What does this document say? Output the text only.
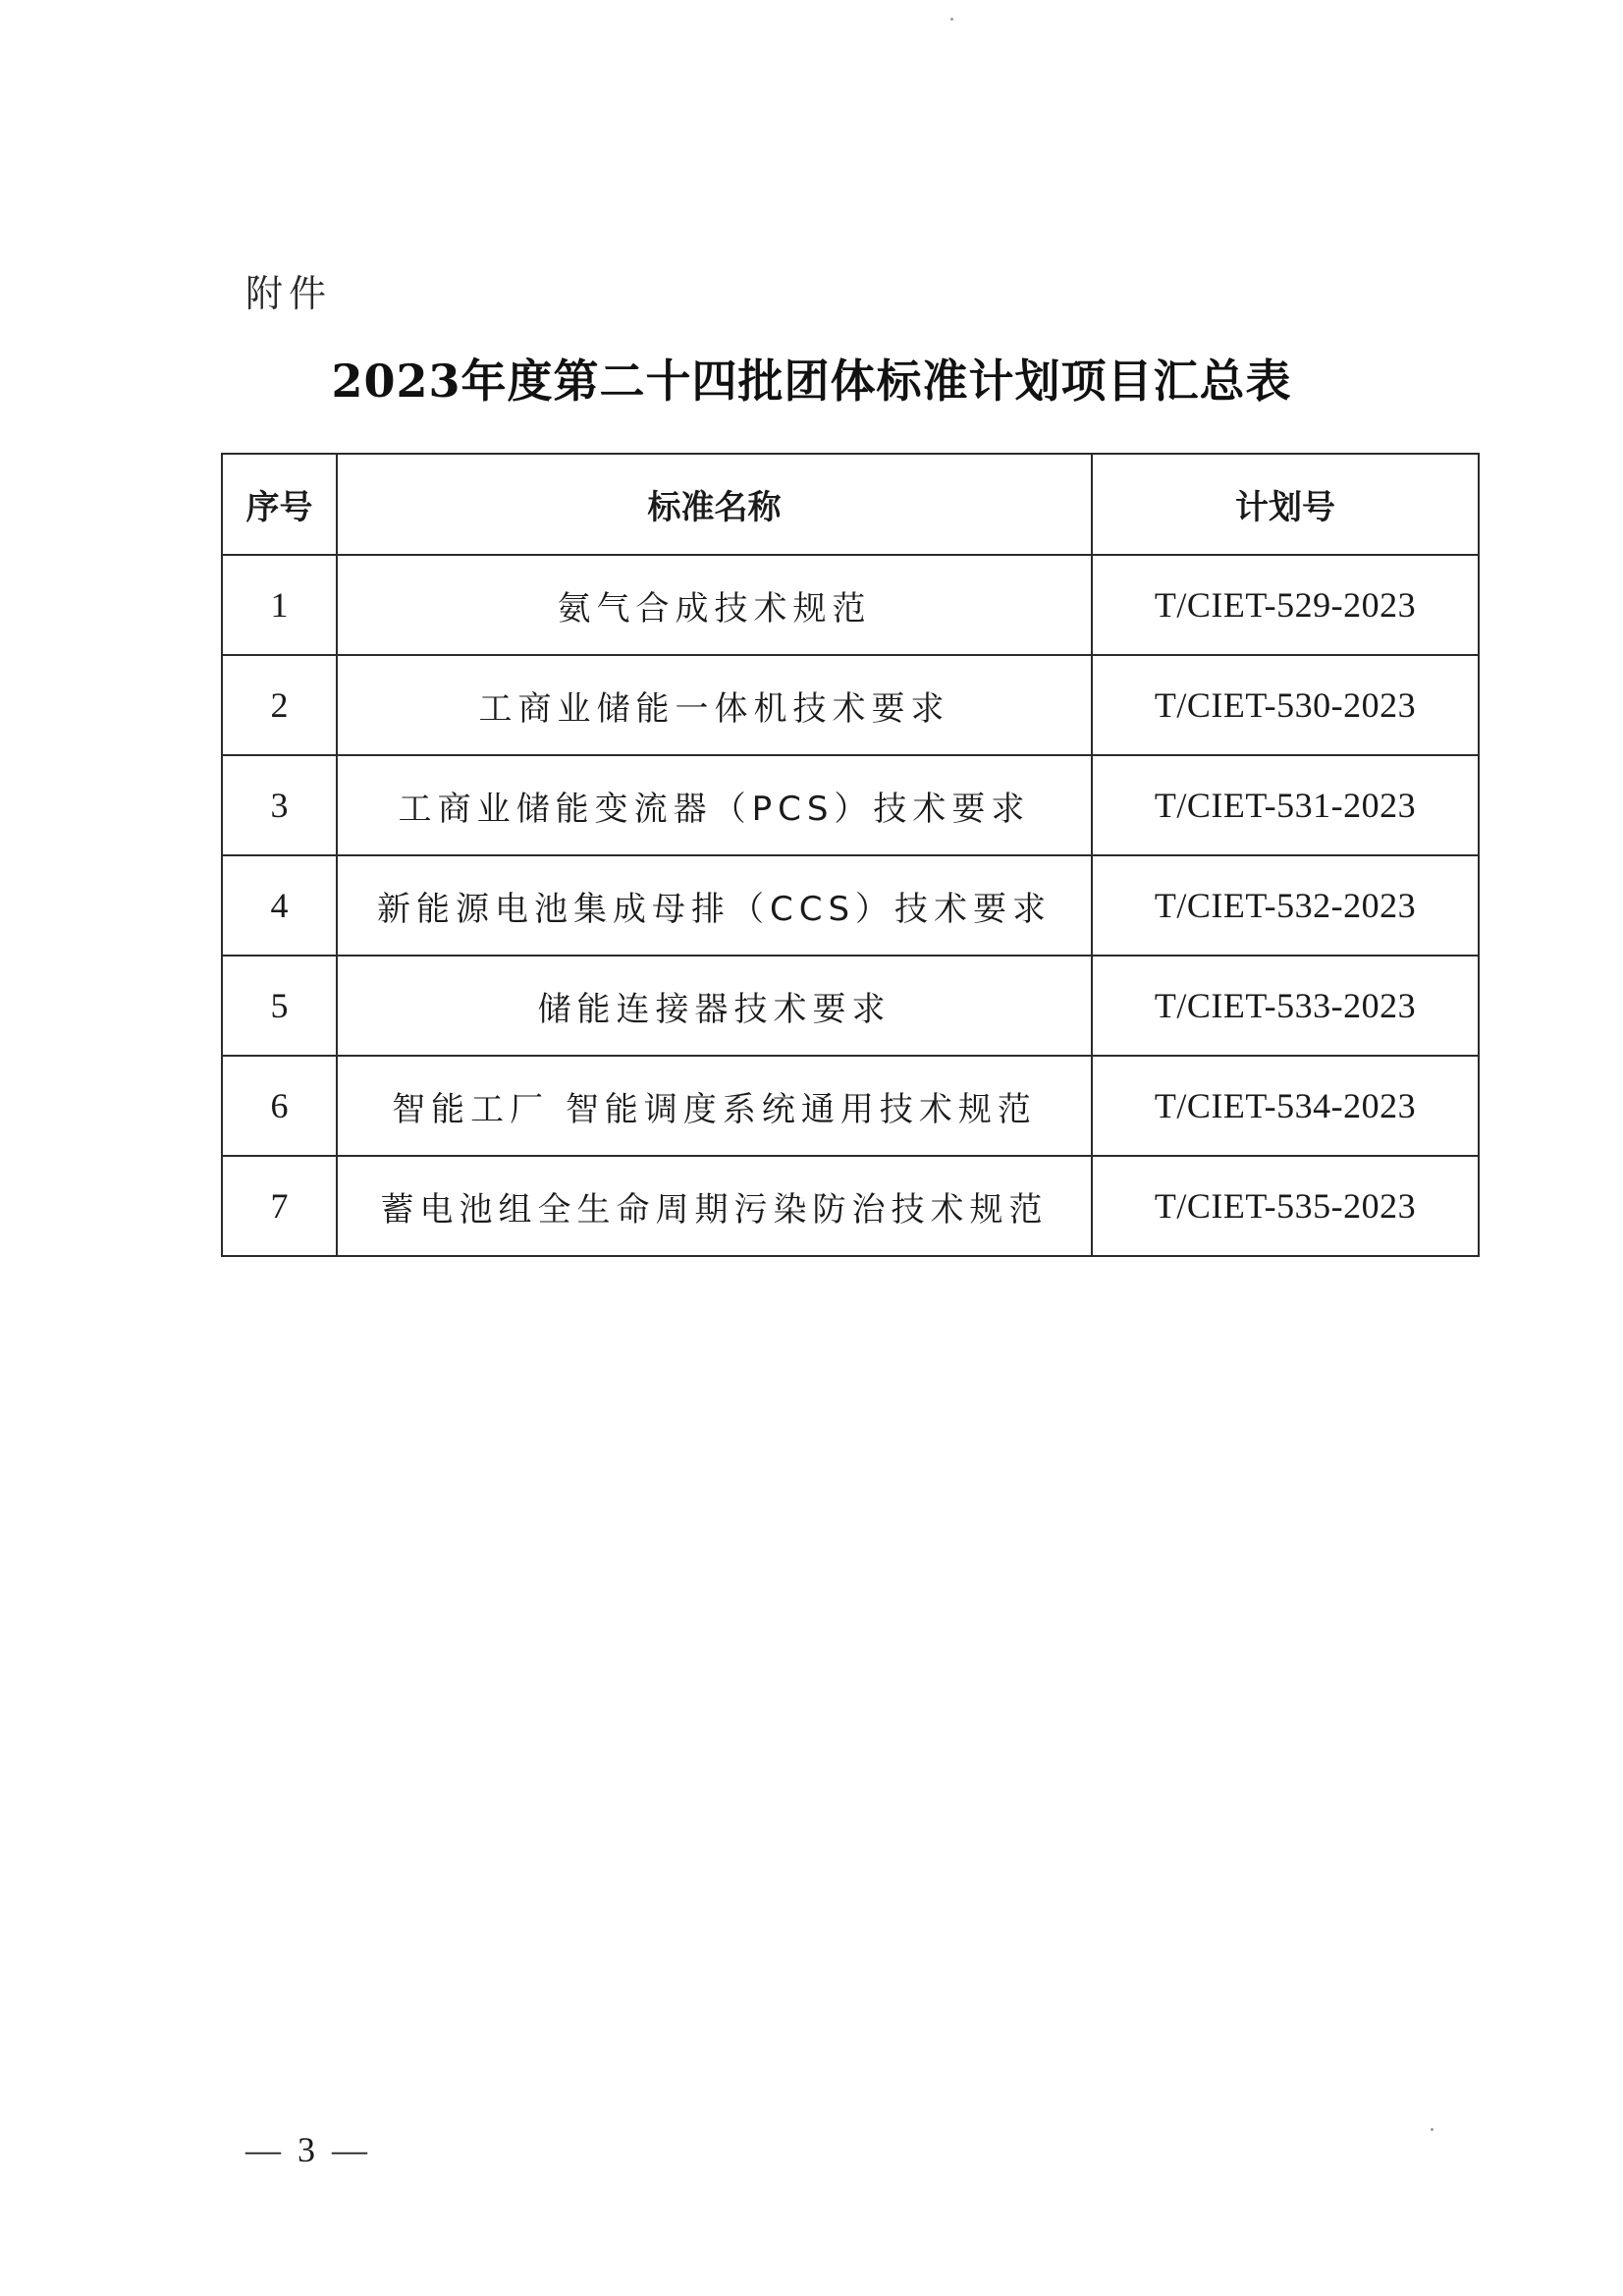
附件
2023年度第二十四批团体标准计划项目汇总表
序号	标准名称	计划号
1	氨气合成技术规范	T/CIET-529-2023
2	工商业储能一体机技术要求	T/CIET-530-2023
3	工商业储能变流器（PCS）技术要求	T/CIET-531-2023
4	新能源电池集成母排（CCS）技术要求	T/CIET-532-2023
5	储能连接器技术要求	T/CIET-533-2023
6	智能工厂 智能调度系统通用技术规范	T/CIET-534-2023
7	蓄电池组全生命周期污染防治技术规范	T/CIET-535-2023
— 3 —
